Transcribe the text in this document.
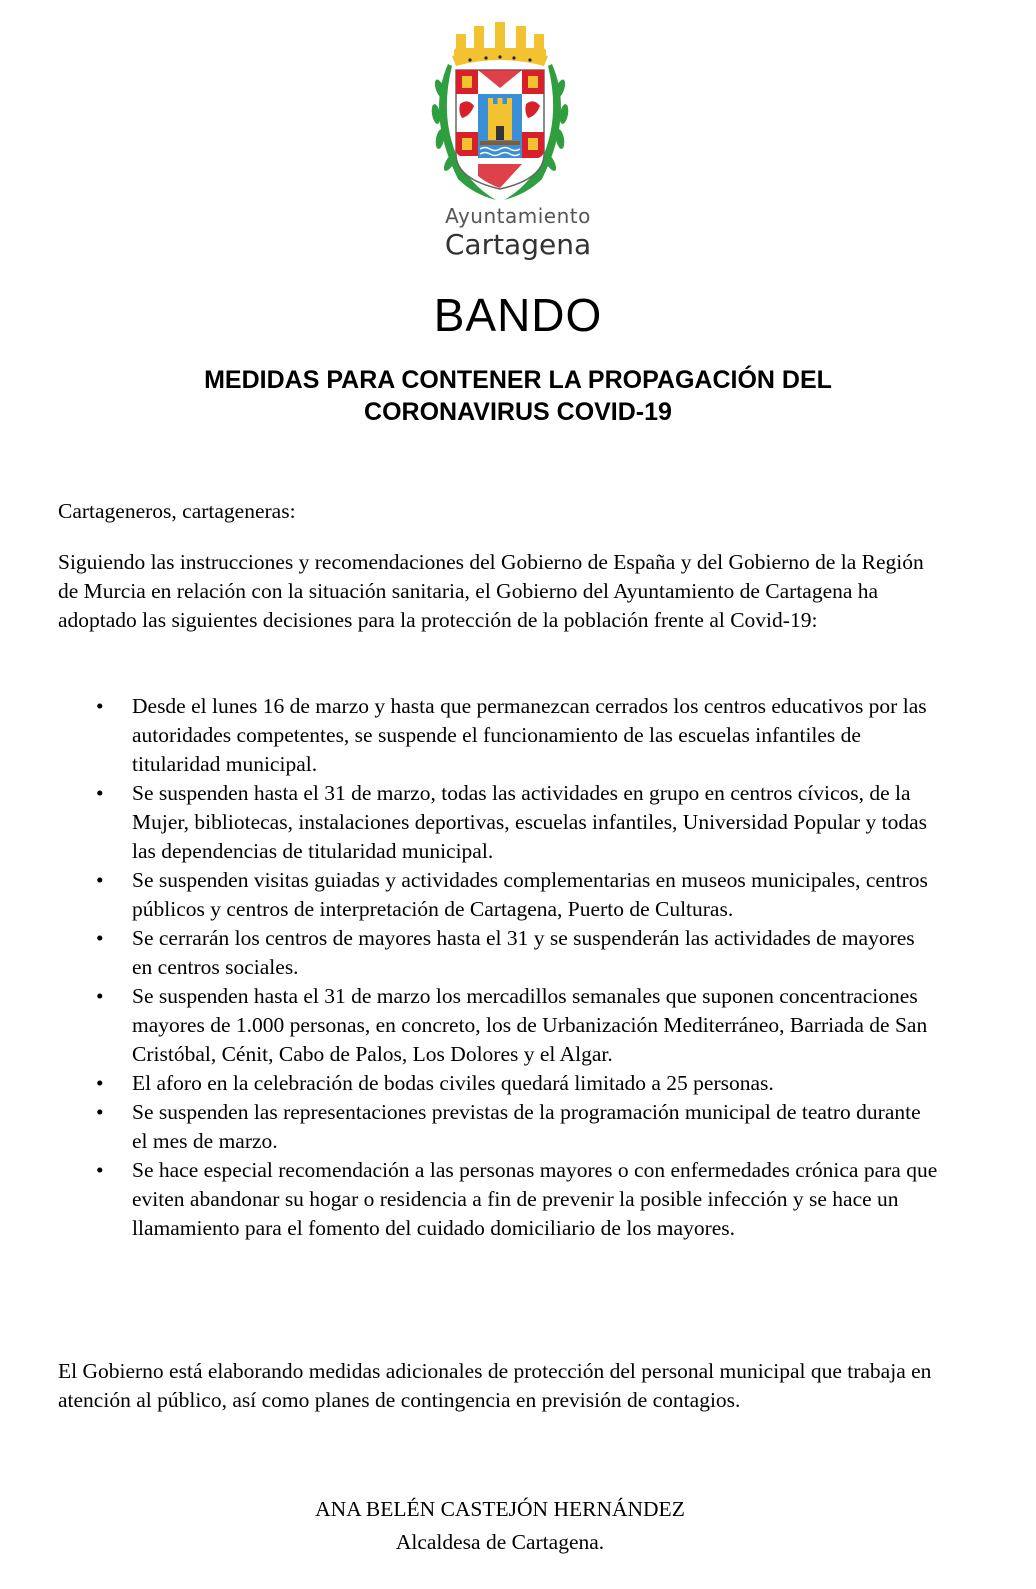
Ayuntamiento
Cartagena
BANDO
MEDIDAS PARA CONTENER LA PROPAGACIÓN DEL
CORONAVIRUS COVID-19
Cartageneros, cartageneras:
Siguiendo las instrucciones y recomendaciones del Gobierno de España y del Gobierno de la Región de Murcia en relación con la situación sanitaria, el Gobierno del Ayuntamiento de Cartagena ha adoptado las siguientes decisiones para la protección de la población frente al Covid-19:
• Desde el lunes 16 de marzo y hasta que permanezcan cerrados los centros educativos por las autoridades competentes, se suspende el funcionamiento de las escuelas infantiles de titularidad municipal.
• Se suspenden hasta el 31 de marzo, todas las actividades en grupo en centros cívicos, de la Mujer, bibliotecas, instalaciones deportivas, escuelas infantiles, Universidad Popular y todas las dependencias de titularidad municipal.
• Se suspenden visitas guiadas y actividades complementarias en museos municipales, centros públicos y centros de interpretación de Cartagena, Puerto de Culturas.
• Se cerrarán los centros de mayores hasta el 31 y se suspenderán las actividades de mayores en centros sociales.
• Se suspenden hasta el 31 de marzo los mercadillos semanales que suponen concentraciones mayores de 1.000 personas, en concreto, los de Urbanización Mediterráneo, Barriada de San Cristóbal, Cénit, Cabo de Palos, Los Dolores y el Algar.
• El aforo en la celebración de bodas civiles quedará limitado a 25 personas.
• Se suspenden las representaciones previstas de la programación municipal de teatro durante el mes de marzo.
• Se hace especial recomendación a las personas mayores o con enfermedades crónica para que eviten abandonar su hogar o residencia a fin de prevenir la posible infección y se hace un llamamiento para el fomento del cuidado domiciliario de los mayores.
El Gobierno está elaborando medidas adicionales de protección del personal municipal que trabaja en atención al público, así como planes de contingencia en previsión de contagios.
ANA BELÉN CASTEJÓN HERNÁNDEZ
Alcaldesa de Cartagena.
